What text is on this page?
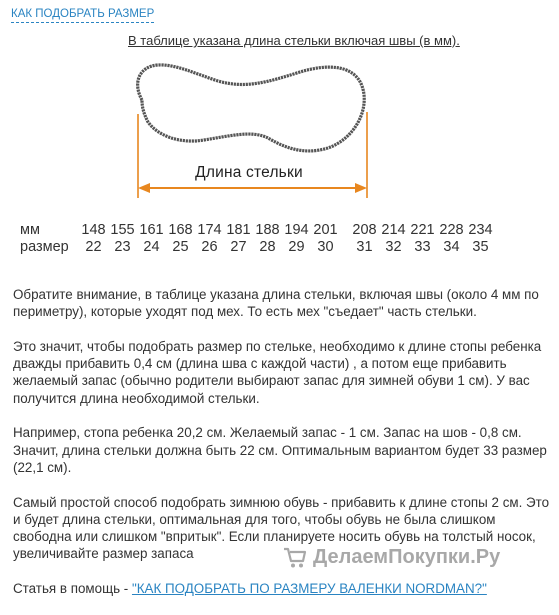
КАК ПОДОБРАТЬ РАЗМЕР
В таблице указана длина стельки включая швы (в мм).
Длина стельки
мм	148	155	161	168	174	181	188	194	201		208	214	221	228	234
размер	22	23	24	25	26	27	28	29	30		31	32	33	34	35

Обратите внимание, в таблице указана длина стельки, включая швы (около 4 мм по периметру), которые уходят под мех. То есть мех "съедает" часть стельки.

Это значит, чтобы подобрать размер по стельке, необходимо к длине стопы ребенка дважды прибавить 0,4 см (длина шва с каждой части) , а потом еще прибавить желаемый запас (обычно родители выбирают запас для зимней обуви 1 см). У вас получится длина необходимой стельки.

Например, стопа ребенка 20,2 см. Желаемый запас - 1 см. Запас на шов - 0,8 см. Значит, длина стельки должна быть 22 см. Оптимальным вариантом будет 33 размер (22,1 см).

Самый простой способ подобрать зимнюю обувь - прибавить к длине стопы 2 см. Это и будет длина стельки, оптимальная для того, чтобы обувь не была слишком свободна или слишком "впритык". Если планируете носить обувь на толстый носок, увеличивайте размер запаса

Статья в помощь - "КАК ПОДОБРАТЬ ПО РАЗМЕРУ ВАЛЕНКИ NORDMAN?"

ДелаемПокупки.Ру
